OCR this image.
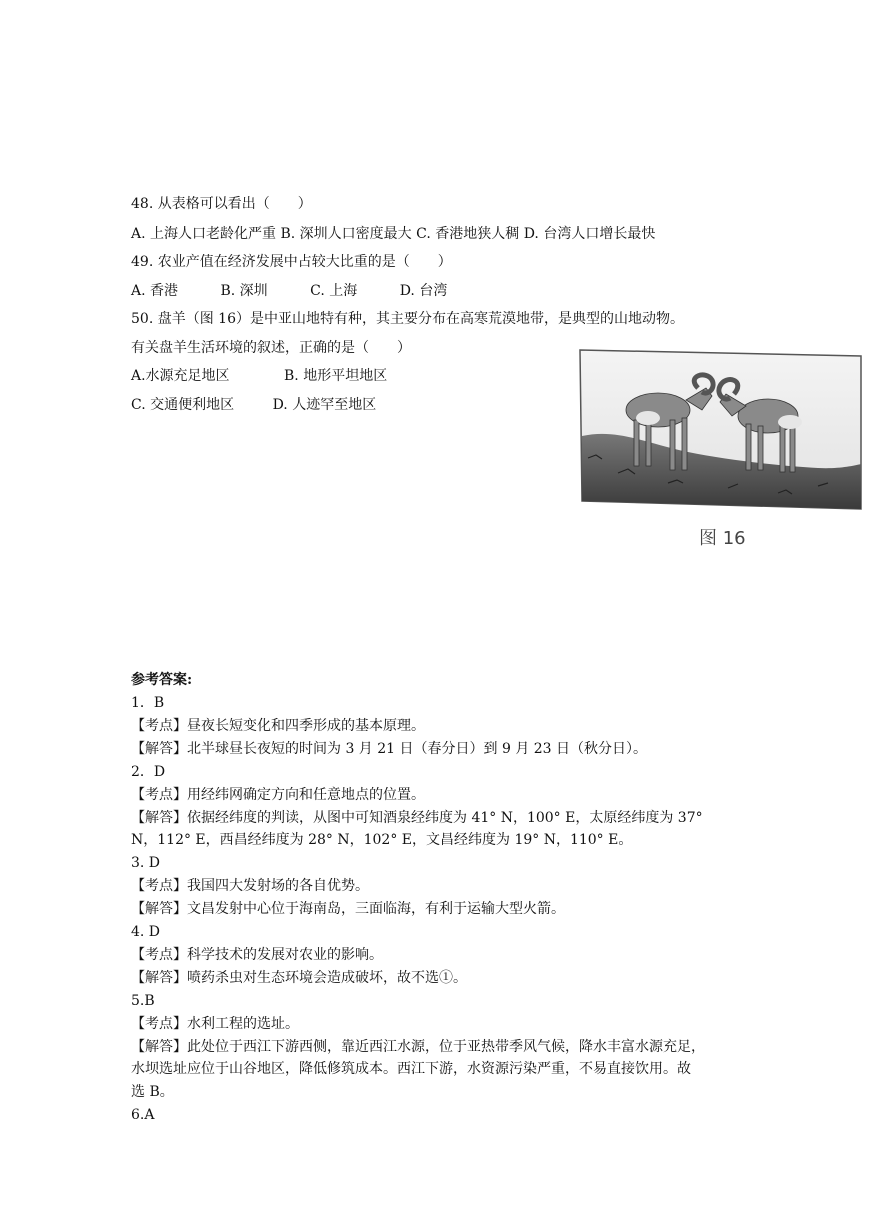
48. 从表格可以看出（　　）
A. 上海人口老龄化严重 B. 深圳人口密度最大 C. 香港地狭人稠 D. 台湾人口增长最快
49. 农业产值在经济发展中占较大比重的是（　　）
A. 香港	B. 深圳	C. 上海	D. 台湾
50. 盘羊（图 16）是中亚山地特有种，其主要分布在高寒荒漠地带，是典型的山地动物。
有关盘羊生活环境的叙述，正确的是（　　）
A.水源充足地区	B. 地形平坦地区
C. 交通便利地区	D. 人迹罕至地区
图 16
参考答案:
1．B
【考点】昼夜长短变化和四季形成的基本原理。
【解答】北半球昼长夜短的时间为 3 月 21 日（春分日）到 9 月 23 日（秋分日）。
2．D
【考点】用经纬网确定方向和任意地点的位置。
【解答】依据经纬度的判读，从图中可知酒泉经纬度为 41° N，100° E，太原经纬度为 37°
N，112° E，西昌经纬度为 28° N，102° E，文昌经纬度为 19° N，110° E。
3. D
【考点】我国四大发射场的各自优势。
【解答】文昌发射中心位于海南岛，三面临海，有利于运输大型火箭。
4. D
【考点】科学技术的发展对农业的影响。
【解答】喷药杀虫对生态环境会造成破坏，故不选①。
5.B
【考点】水利工程的选址。
【解答】此处位于西江下游西侧，靠近西江水源，位于亚热带季风气候，降水丰富水源充足，
水坝选址应位于山谷地区，降低修筑成本。西江下游，水资源污染严重，不易直接饮用。故
选 B。
6.A
